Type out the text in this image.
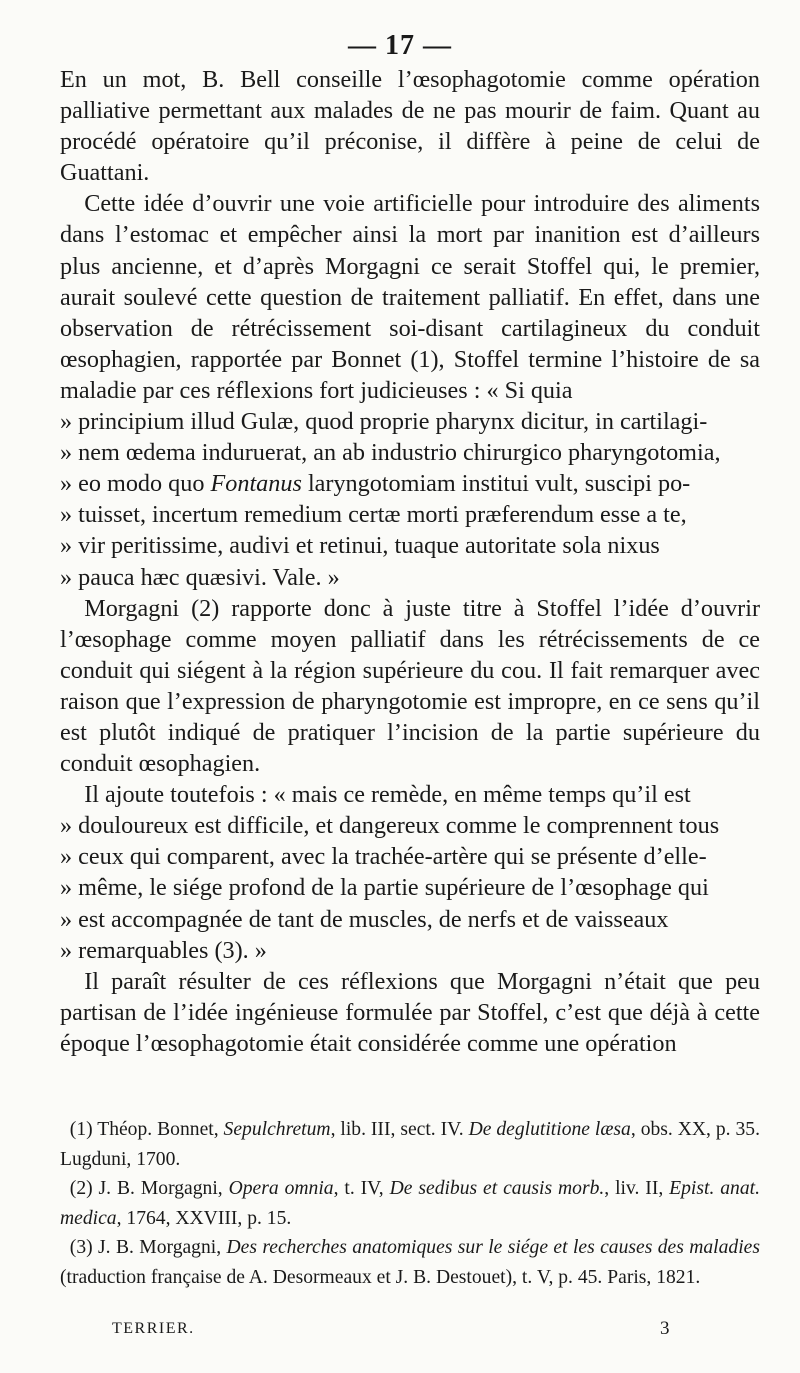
— 17 —

En un mot, B. Bell conseille l’œsophagotomie comme opération palliative permettant aux malades de ne pas mourir de faim. Quant au procédé opératoire qu’il préconise, il diffère à peine de celui de Guattani.

Cette idée d’ouvrir une voie artificielle pour introduire des aliments dans l’estomac et empêcher ainsi la mort par inanition est d’ailleurs plus ancienne, et d’après Morgagni ce serait Stoffel qui, le premier, aurait soulevé cette question de traitement palliatif. En effet, dans une observation de rétrécissement soi-disant cartilagineux du conduit œsophagien, rapportée par Bonnet (1), Stoffel termine l’histoire de sa maladie par ces réflexions fort judicieuses : « Si quia
» principium illud Gulæ, quod proprie pharynx dicitur, in cartilagi-
» nem œdema induruerat, an ab industrio chirurgico pharyngotomia,
» eo modo quo Fontanus laryngotomiam institui vult, suscipi po-
» tuisset, incertum remedium certæ morti præferendum esse a te,
» vir peritissime, audivi et retinui, tuaque autoritate sola nixus
» pauca hæc quæsivi. Vale. »

Morgagni (2) rapporte donc à juste titre à Stoffel l’idée d’ouvrir l’œsophage comme moyen palliatif dans les rétrécissements de ce conduit qui siégent à la région supérieure du cou. Il fait remarquer avec raison que l’expression de pharyngotomie est impropre, en ce sens qu’il est plutôt indiqué de pratiquer l’incision de la partie supérieure du conduit œsophagien.

Il ajoute toutefois : « mais ce remède, en même temps qu’il est
» douloureux est difficile, et dangereux comme le comprennent tous
» ceux qui comparent, avec la trachée-artère qui se présente d’elle-
» même, le siége profond de la partie supérieure de l’œsophage qui
» est accompagnée de tant de muscles, de nerfs et de vaisseaux
» remarquables (3). »

Il paraît résulter de ces réflexions que Morgagni n’était que peu partisan de l’idée ingénieuse formulée par Stoffel, c’est que déjà à cette époque l’œsophagotomie était considérée comme une opération

(1) Théop. Bonnet, Sepulchretum, lib. III, sect. IV. De deglutitione læsa, obs. XX, p. 35. Lugduni, 1700.

(2) J. B. Morgagni, Opera omnia, t. IV, De sedibus et causis morb., liv. II, Epist. anat. medica, 1764, XXVIII, p. 15.

(3) J. B. Morgagni, Des recherches anatomiques sur le siége et les causes des maladies (traduction française de A. Desormeaux et J. B. Destouet), t. V, p. 45. Paris, 1821.

TERRIER.	3
